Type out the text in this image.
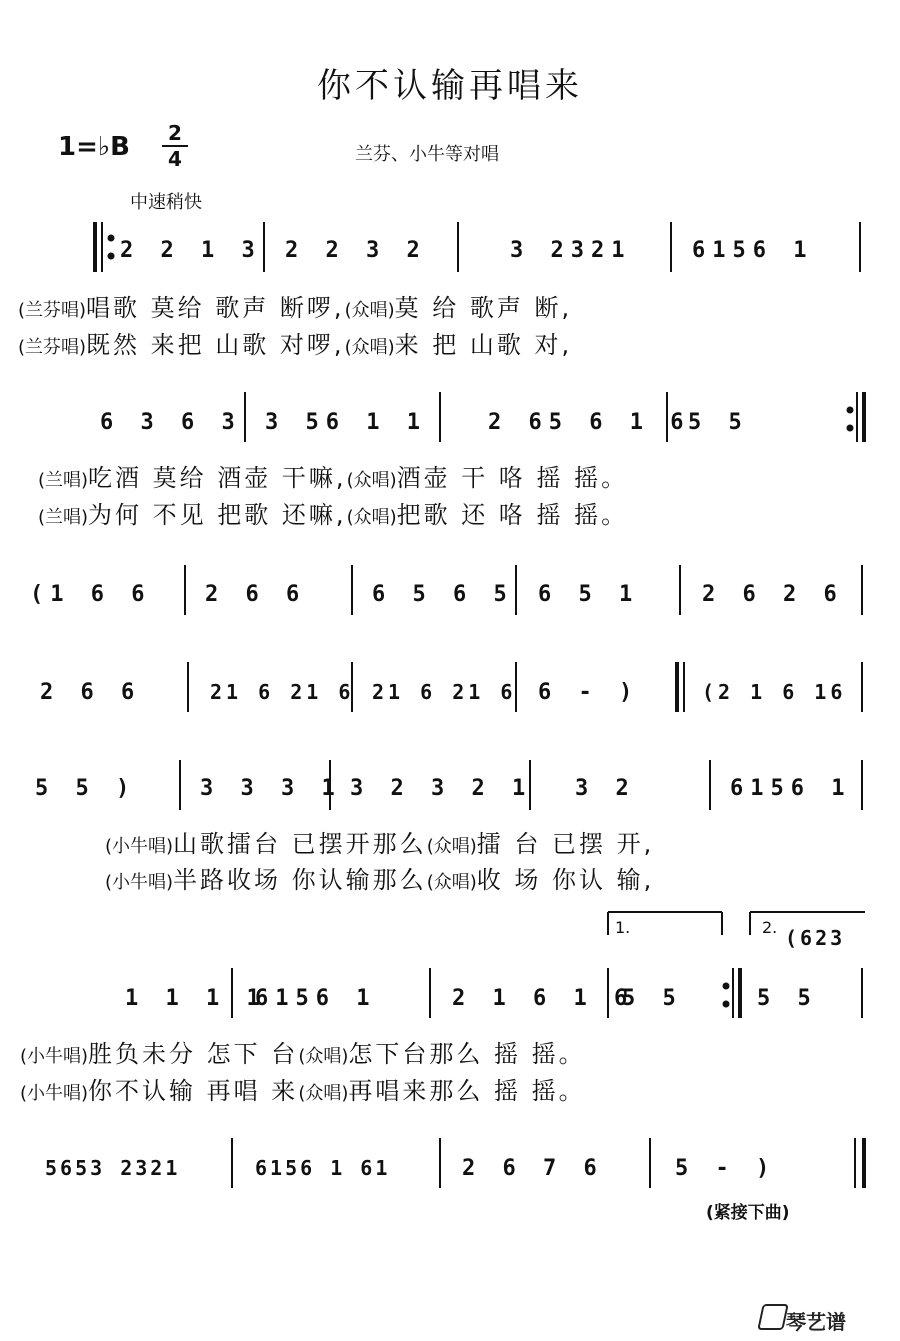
你不认输再唱来
1=♭B	2
4	兰芬、小牛等对唱
中速稍快
2 2 1 3 2 2 3 2	3 2321	6156 1
(兰芬唱)唱歌 莫给 歌声 断啰,(众唱)莫 给 歌声 断,
(兰芬唱)既然 来把 山歌 对啰,(众唱)来 把 山歌 对,
6 3 6 3 3 56 1 1	2 65 6 1 6
5 5
(兰唱)吃酒 莫给 酒壶 干嘛,(众唱)酒壶 干 咯 摇 摇。
(兰唱)为何 不见 把歌 还嘛,(众唱)把歌 还 咯 摇 摇。
(1 6 6 2 6 6	6 5 6 5 6 5 1	2 6 2 6
2 6 6	21 6 21 6 21 6 21 6 6 - )	(2 1 6 16
5 5 )	3 3 3 1 3 2 3 2 1 3 2	6156 1
(小牛唱)山歌擂台 已摆开那么(众唱)擂 台 已摆 开,
(小牛唱)半路收场 你认输那么(众唱)收 场 你认 输,
1.	2. (623
1 1 1 1
6156 1	2 1 6 1 6
5 5	5 5
(小牛唱)胜负未分 怎下 台(众唱)怎下台那么 摇 摇。
(小牛唱)你不认输 再唱 来(众唱)再唱来那么 摇 摇。
5653 2321	6156 1 61	2 6 7 6	5 - )
(紧接下曲)
琴艺谱
